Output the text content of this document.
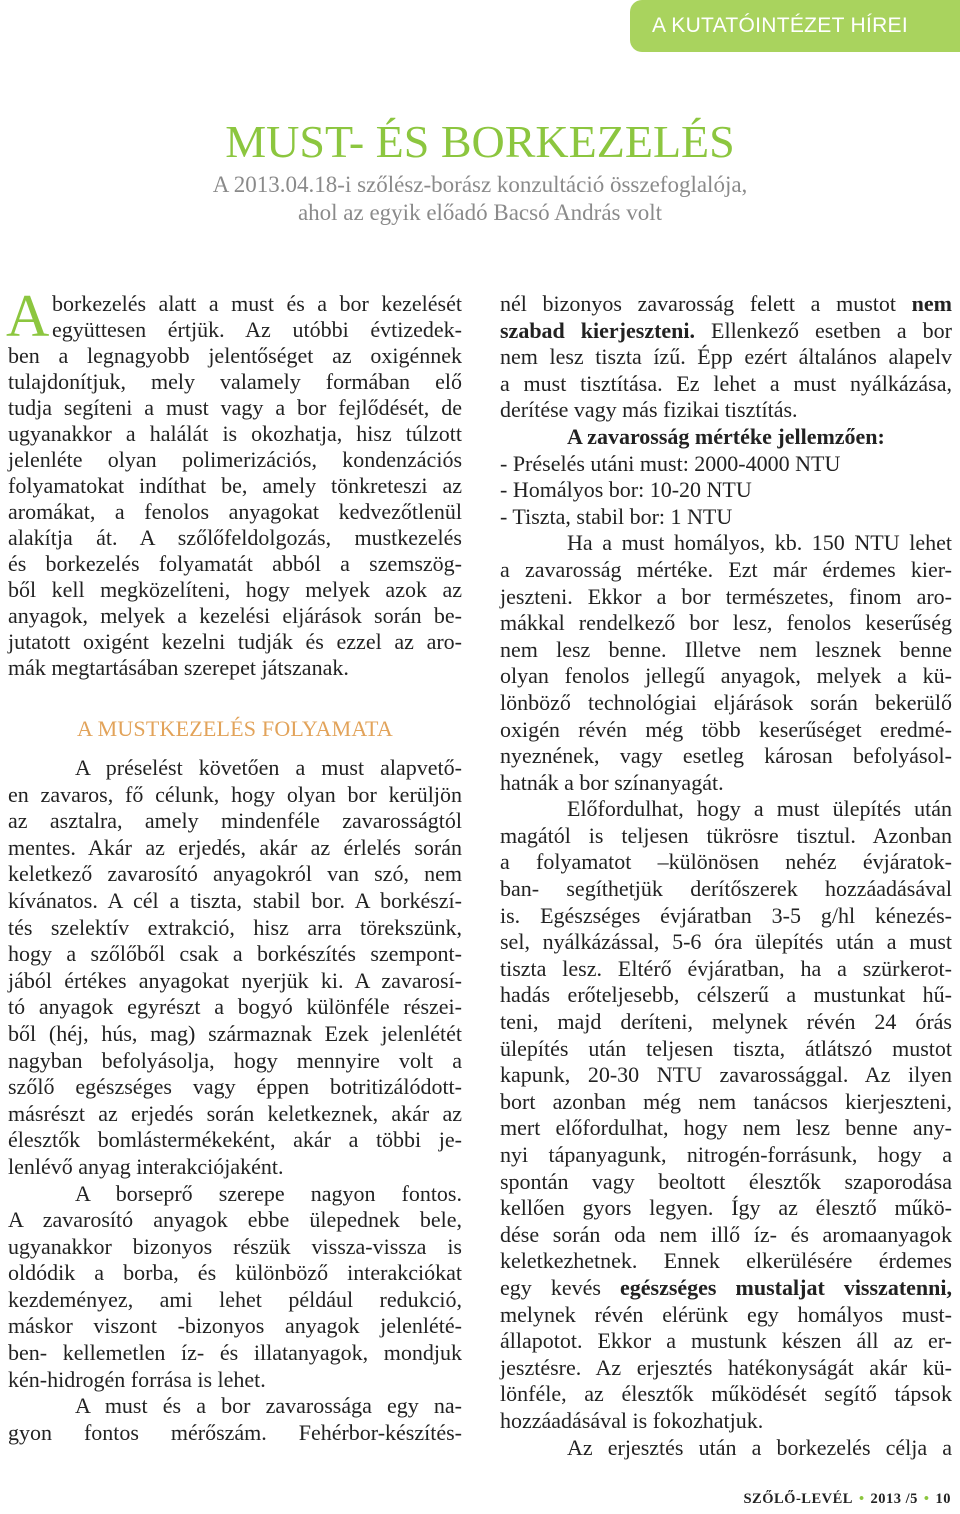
A KUTATÓINTÉZET HÍREI
MUST- ÉS BORKEZELÉS
A 2013.04.18-i szőlész-borász konzultáció összefoglalója,
ahol az egyik előadó Bacsó András volt
A borkezelés alatt a must és a bor kezelését
együttesen értjük. Az utóbbi évtizedek-
ben a legnagyobb jelentőséget az oxigénnek
tulajdonítjuk, mely valamely formában elő
tudja segíteni a must vagy a bor fejlődését, de
ugyanakkor a halálát is okozhatja, hisz túlzott
jelenléte olyan polimerizációs, kondenzációs
folyamatokat indíthat be, amely tönkreteszi az
aromákat, a fenolos anyagokat kedvezőtlenül
alakítja át. A szőlőfeldolgozás, mustkezelés
és borkezelés folyamatát abból a szemszög-
ből kell megközelíteni, hogy melyek azok az
anyagok, melyek a kezelési eljárások során be-
jutatott oxigént kezelni tudják és ezzel az aro-
mák megtartásában szerepet játszanak.
A MUSTKEZELÉS FOLYAMATA
A préselést követően a must alapvető-
en zavaros, fő célunk, hogy olyan bor kerüljön
az asztalra, amely mindenféle zavarosságtól
mentes. Akár az erjedés, akár az érlelés során
keletkező zavarosító anyagokról van szó, nem
kívánatos. A cél a tiszta, stabil bor. A borkészí-
tés szelektív extrakció, hisz arra törekszünk,
hogy a szőlőből csak a borkészítés szempont-
jából értékes anyagokat nyerjük ki. A zavarosí-
tó anyagok egyrészt a bogyó különféle részei-
ből (héj, hús, mag) származnak Ezek jelenlétét
nagyban befolyásolja, hogy mennyire volt a
szőlő egészséges vagy éppen botritizálódott-
másrészt az erjedés során keletkeznek, akár az
élesztők bomlástermékeként, akár a többi je-
lenlévő anyag interakciójaként.
A borseprő szerepe nagyon fontos.
A zavarosító anyagok ebbe ülepednek bele,
ugyanakkor bizonyos részük vissza-vissza is
oldódik a borba, és különböző interakciókat
kezdeményez, ami lehet például redukció,
máskor viszont -bizonyos anyagok jelenlété-
ben- kellemetlen íz- és illatanyagok, mondjuk
kén-hidrogén forrása is lehet.
A must és a bor zavarossága egy na-
gyon fontos mérőszám. Fehérbor-készítés-
nél bizonyos zavarosság felett a mustot nem
szabad kierjeszteni. Ellenkező esetben a bor
nem lesz tiszta ízű. Épp ezért általános alapelv
a must tisztítása. Ez lehet a must nyálkázása,
derítése vagy más fizikai tisztítás.
A zavarosság mértéke jellemzően:
- Préselés utáni must: 2000-4000 NTU
- Homályos bor: 10-20 NTU
- Tiszta, stabil bor: 1 NTU
Ha a must homályos, kb. 150 NTU lehet
a zavarosság mértéke. Ezt már érdemes kier-
jeszteni. Ekkor a bor természetes, finom aro-
mákkal rendelkező bor lesz, fenolos keserűség
nem lesz benne. Illetve nem lesznek benne
olyan fenolos jellegű anyagok, melyek a kü-
lönböző technológiai eljárások során bekerülő
oxigén révén még több keserűséget eredmé-
nyeznének, vagy esetleg károsan befolyásol-
hatnák a bor színanyagát.
Előfordulhat, hogy a must ülepítés után
magától is teljesen tükrösre tisztul. Azonban
a folyamatot –különösen nehéz évjáratok-
ban- segíthetjük derítőszerek hozzáadásával
is. Egészséges évjáratban 3-5 g/hl kénezés-
sel, nyálkázással, 5-6 óra ülepítés után a must
tiszta lesz. Eltérő évjáratban, ha a szürkerot-
hadás erőteljesebb, célszerű a mustunkat hű-
teni, majd deríteni, melynek révén 24 órás
ülepítés után teljesen tiszta, átlátszó mustot
kapunk, 20-30 NTU zavarossággal. Az ilyen
bort azonban még nem tanácsos kierjeszteni,
mert előfordulhat, hogy nem lesz benne any-
nyi tápanyagunk, nitrogén-forrásunk, hogy a
spontán vagy beoltott élesztők szaporodása
kellően gyors legyen. Így az élesztő műkö-
dése során oda nem illő íz- és aromaanyagok
keletkezhetnek. Ennek elkerülésére érdemes
egy kevés egészséges mustaljat visszatenni,
melynek révén elérünk egy homályos must-
állapotot. Ekkor a mustunk készen áll az er-
jesztésre. Az erjesztés hatékonyságát akár kü-
lönféle, az élesztők működését segítő tápsok
hozzáadásával is fokozhatjuk.
Az erjesztés után a borkezelés célja a
SZŐLŐ-LEVÉL • 2013 /5 • 10
